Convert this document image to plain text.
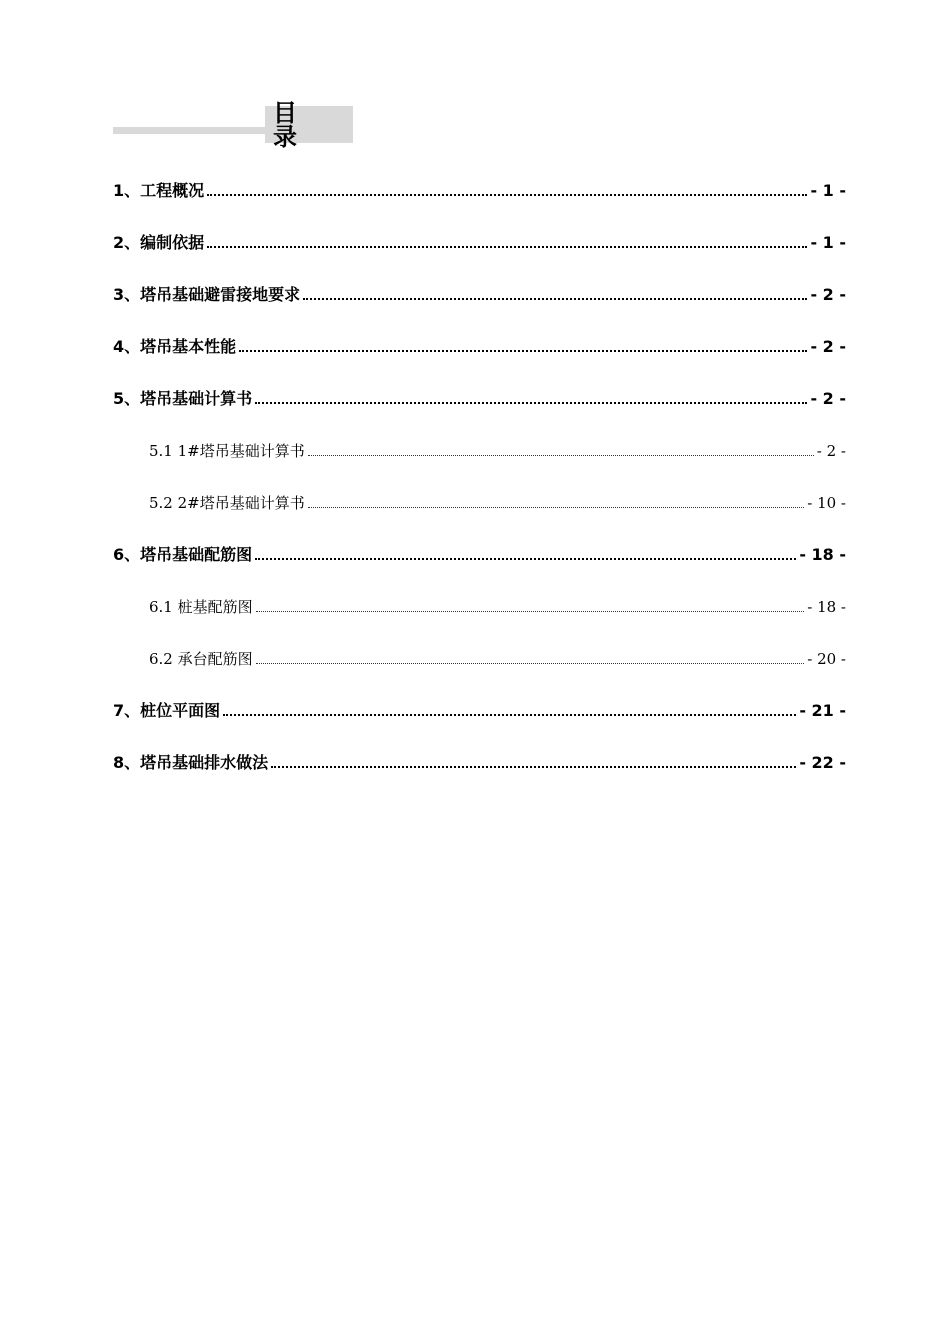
目　录
1、工程概况	- 1 -
2、编制依据	- 1 -
3、塔吊基础避雷接地要求	- 2 -
4、塔吊基本性能	- 2 -
5、塔吊基础计算书	- 2 -
5.1 1#塔吊基础计算书	- 2 -
5.2 2#塔吊基础计算书	- 10 -
6、塔吊基础配筋图	- 18 -
6.1 桩基配筋图	- 18 -
6.2 承台配筋图	- 20 -
7、桩位平面图	- 21 -
8、塔吊基础排水做法	- 22 -
